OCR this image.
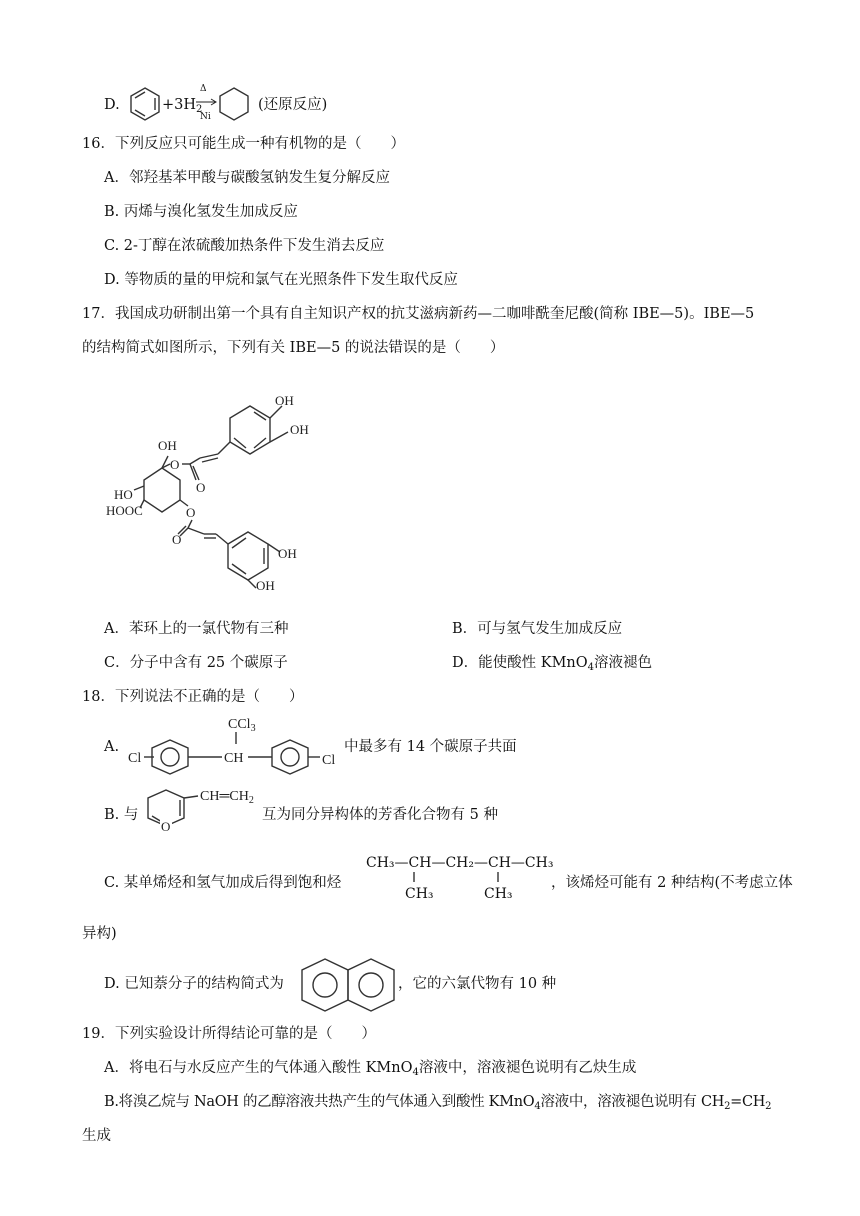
D.	$+3H_2$
Δ
Ni
(还原反应)
16．下列反应只可能生成一种有机物的是（　　）
A．邻羟基苯甲酸与碳酸氢钠发生复分解反应
B. 丙烯与溴化氢发生加成反应
C. 2-丁醇在浓硫酸加热条件下发生消去反应
D. 等物质的量的甲烷和氯气在光照条件下发生取代反应
17．我国成功研制出第一个具有自主知识产权的抗艾滋病新药—二咖啡酰奎尼酸(简称 IBE—5)。IBE—5
的结构简式如图所示，下列有关 IBE—5 的说法错误的是（　　）
OH
OH
O
O
OH
HO
HOOC	O
O
OH
OH
A．苯环上的一氯代物有三种	B．可与氢气发生加成反应
C．分子中含有 25 个碳原子	D．能使酸性 KMnO$_4$溶液褪色
18．下列说法不正确的是（　　）
A.
CCl$_3$
Cl	CH	Cl
中最多有 14 个碳原子共面
B. 与
O
$CH═CH_2$
互为同分异构体的芳香化合物有 5 种
C. 某单烯烃和氢气加成后得到饱和烃
CH₃—CH—CH₂—CH—CH₃
CH₃	CH₃
，该烯烃可能有 2 种结构(不考虑立体
异构)
D. 已知萘分子的结构简式为	，它的六氯代物有 10 种
19．下列实验设计所得结论可靠的是（　　）
A．将电石与水反应产生的气体通入酸性 KMnO$_4$溶液中，溶液褪色说明有乙炔生成
B.将溴乙烷与 NaOH 的乙醇溶液共热产生的气体通入到酸性 KMnO$_4$溶液中，溶液褪色说明有 $CH_2=CH_2$
生成
